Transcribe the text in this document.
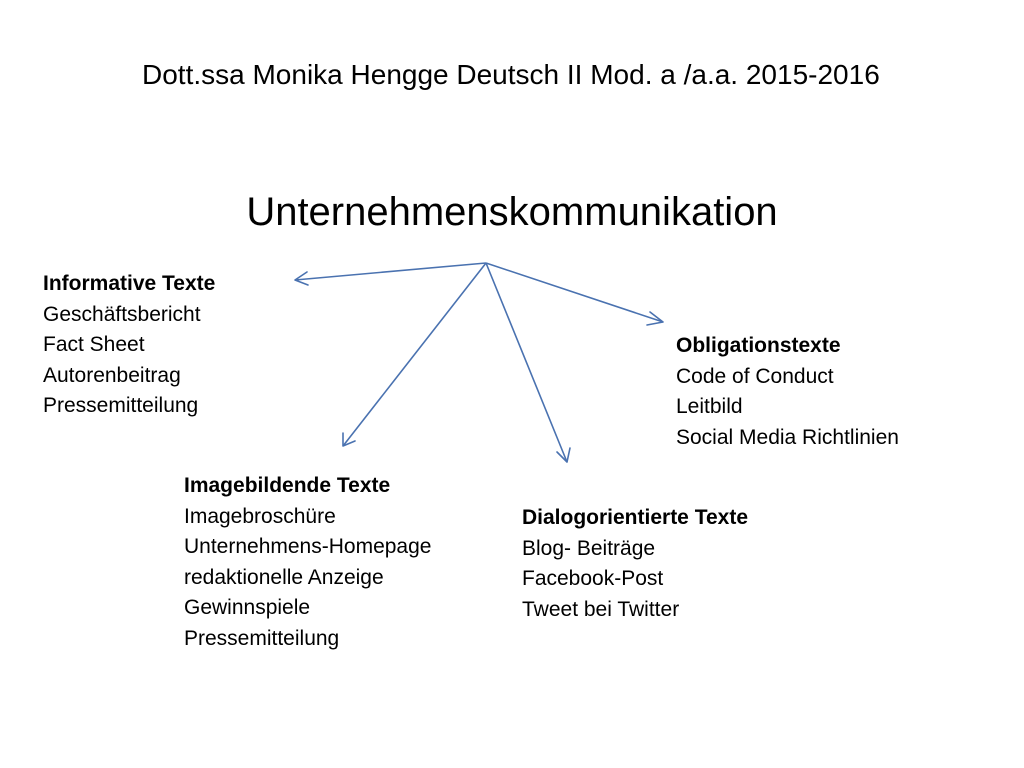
Dott.ssa Monika Hengge Deutsch II Mod. a /a.a. 2015-2016
Unternehmenskommunikation
Informative Texte
Geschäftsbericht
Fact Sheet
Autorenbeitrag
Pressemitteilung
Obligationstexte
Code of Conduct
Leitbild
Social Media Richtlinien
Imagebildende Texte
Imagebroschüre
Unternehmens-Homepage
redaktionelle Anzeige
Gewinnspiele
Pressemitteilung
Dialogorientierte Texte
Blog- Beiträge
Facebook-Post
Tweet bei Twitter
